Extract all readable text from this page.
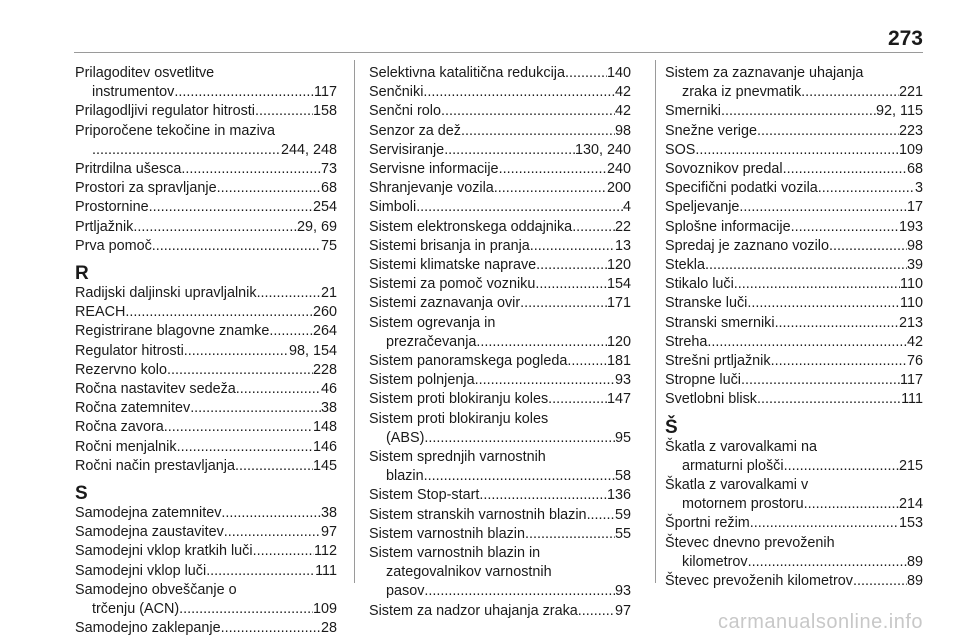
273
Prilagoditev osvetlitve
instrumentov .....	117
Prilagodljivi regulator hitrosti .....	158
Priporočene tekočine in maziva
.....
244, 248
Pritrdilna ušesca .....	73
Prostori za spravljanje .....	68
Prostornine .....	254
Prtljažnik .....	29, 69
Prva pomoč .....	75
R
Radijski daljinski upravljalnik .....	21
REACH .....	260
Registrirane blagovne znamke .....	264
Regulator hitrosti .....	98, 154
Rezervno kolo .....	228
Ročna nastavitev sedeža .....	46
Ročna zatemnitev .....	38
Ročna zavora .....	148
Ročni menjalnik .....	146
Ročni način prestavljanja .....	145
S
Samodejna zatemnitev .....	38
Samodejna zaustavitev .....	97
Samodejni vklop kratkih luči .....	112
Samodejni vklop luči .....	111
Samodejno obveščanje o
trčenju (ACN) .....	109
Samodejno zaklepanje .....	28
Selektivna katalitična redukcija. .....	140
Senčniki .....	42
Senčni rolo .....	42
Senzor za dež .....	98
Servisiranje .....	130, 240
Servisne informacije .....	240
Shranjevanje vozila .....	200
Simboli .....	4
Sistem elektronskega oddajnika .....	22
Sistemi brisanja in pranja .....	13
Sistemi klimatske naprave .....	120
Sistemi za pomoč vozniku .....	154
Sistemi zaznavanja ovir .....	171
Sistem ogrevanja in
prezračevanja .....	120
Sistem panoramskega pogleda .....	181
Sistem polnjenja .....	93
Sistem proti blokiranju koles .....	147
Sistem proti blokiranju koles
(ABS) .....	95
Sistem sprednjih varnostnih
blazin .....	58
Sistem Stop-start .....	136
Sistem stranskih varnostnih blazin ..... 59
Sistem varnostnih blazin .....	55
Sistem varnostnih blazin in
zategovalnikov varnostnih
pasov .....	93
Sistem za nadzor uhajanja zraka. ..... 97
Sistem za zaznavanje uhajanja
zraka iz pnevmatik .....	221
Smerniki .....	92, 115
Snežne verige .....	223
SOS .....	109
Sovoznikov predal .....	68
Specifični podatki vozila .....	3
Speljevanje .....	17
Splošne informacije .....	193
Spredaj je zaznano vozilo .....	98
Stekla .....	39
Stikalo luči .....	110
Stranske luči .....	110
Stranski smerniki .....	213
Streha .....	42
Strešni prtljažnik .....	76
Stropne luči .....	117
Svetlobni blisk .....	111
Š
Škatla z varovalkami na
armaturni plošči .....	215
Škatla z varovalkami v
motornem prostoru .....	214
Športni režim .....	153
Števec dnevno prevoženih
kilometrov .....	89
Števec prevoženih kilometrov .....	89
carmanualsonline.info
